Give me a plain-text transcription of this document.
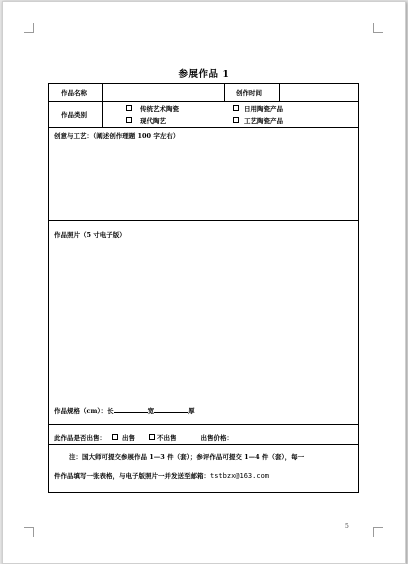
参展作品 1
作品名称	创作时间
作品类别
传统艺术陶瓷	日用陶瓷产品
现代陶艺	工艺陶瓷产品
创意与工艺：（阐述创作理题 100 字左右）
作品照片（5 寸电子版）
作品规格（cm）：长	宽	厚
此作品是否出售： 出售	不出售	出售价格：
注：国大师可提交参展作品 1—3 件（套）；参评作品可提交 1—4 件（套），每一
件作品填写一张表格，与电子版照片一并发送至邮箱：tstbzx@163.com
5
